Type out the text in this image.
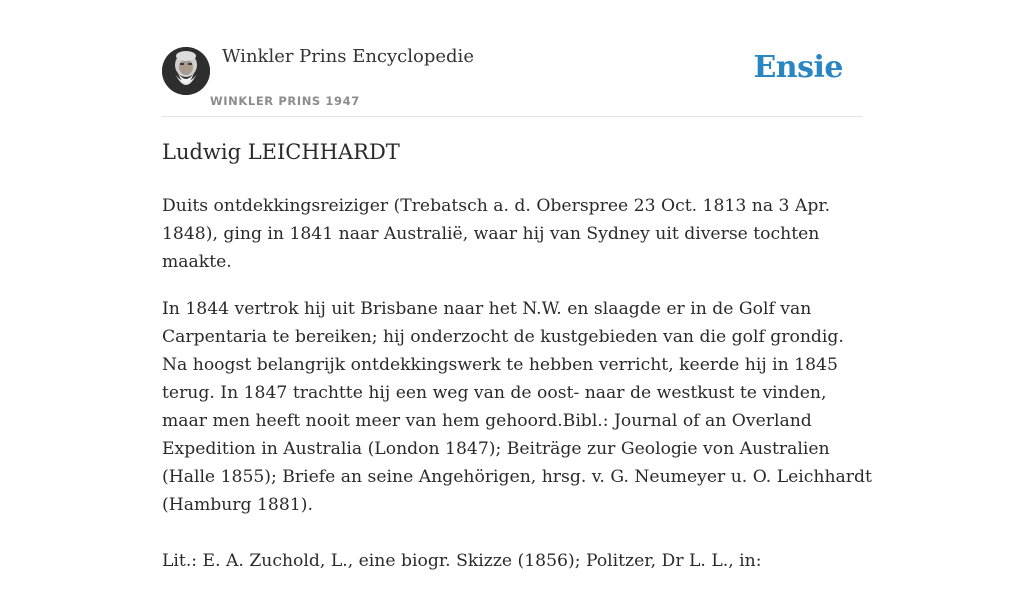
Winkler Prins Encyclopedie
WINKLER PRINS 1947
Ensie
Ludwig LEICHHARDT

Duits ontdekkingsreiziger (Trebatsch a. d. Oberspree 23 Oct. 1813 na 3 Apr. 1848), ging in 1841 naar Australië, waar hij van Sydney uit diverse tochten maakte.

In 1844 vertrok hij uit Brisbane naar het N.W. en slaagde er in de Golf van Carpentaria te bereiken; hij onderzocht de kustgebieden van die golf grondig. Na hoogst belangrijk ontdekkingswerk te hebben verricht, keerde hij in 1845 terug. In 1847 trachtte hij een weg van de oost- naar de westkust te vinden, maar men heeft nooit meer van hem gehoord.Bibl.: Journal of an Overland Expedition in Australia (London 1847); Beiträge zur Geologie von Australien (Halle 1855); Briefe an seine Angehörigen, hrsg. v. G. Neumeyer u. O. Leichhardt (Hamburg 1881).

Lit.: E. A. Zuchold, L., eine biogr. Skizze (1856); Politzer, Dr L. L., in:
